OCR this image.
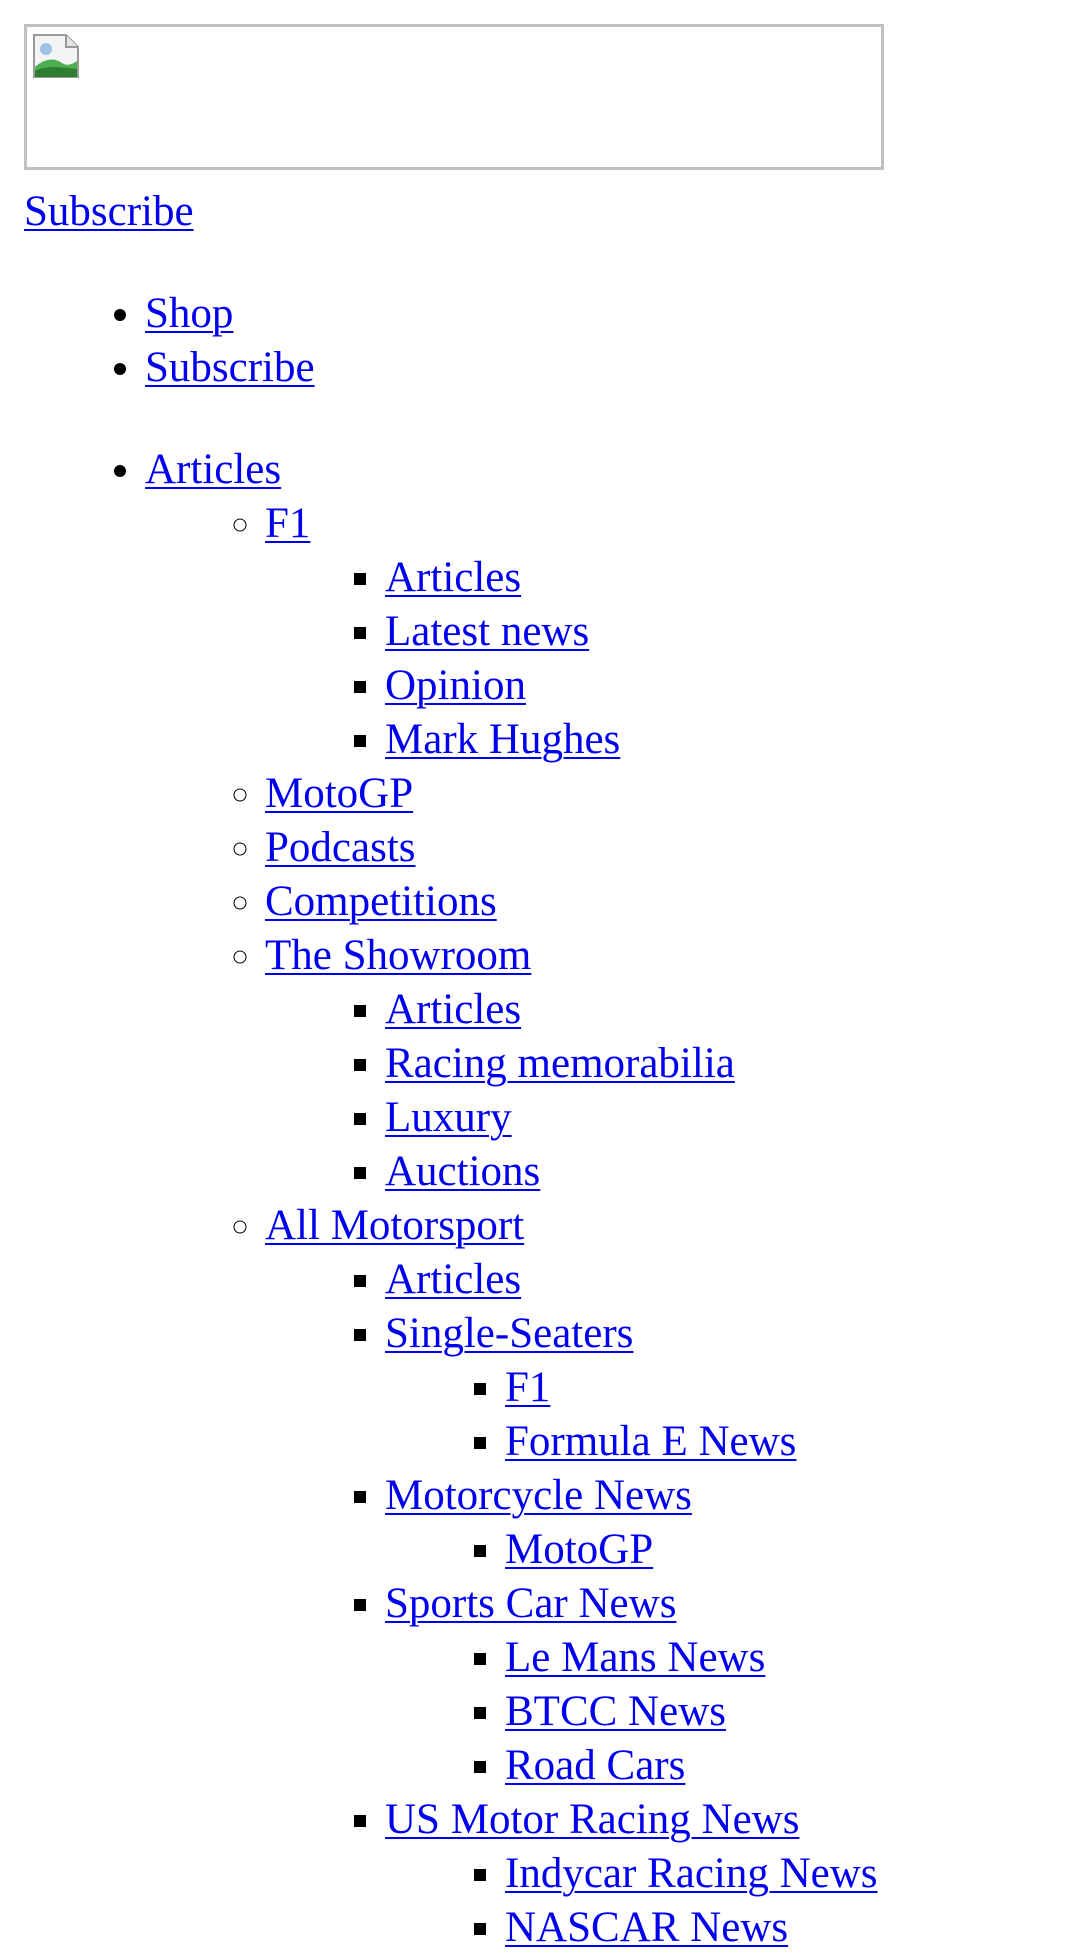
Subscribe
• Shop
• Subscribe
• Articles
◦ F1
▪ Articles
▪ Latest news
▪ Opinion
▪ Mark Hughes
◦ MotoGP
◦ Podcasts
◦ Competitions
◦ The Showroom
▪ Articles
▪ Racing memorabilia
▪ Luxury
▪ Auctions
◦ All Motorsport
▪ Articles
▪ Single-Seaters
▪ F1
▪ Formula E News
▪ Motorcycle News
▪ MotoGP
▪ Sports Car News
▪ Le Mans News
▪ BTCC News
▪ Road Cars
▪ US Motor Racing News
▪ Indycar Racing News
▪ NASCAR News
